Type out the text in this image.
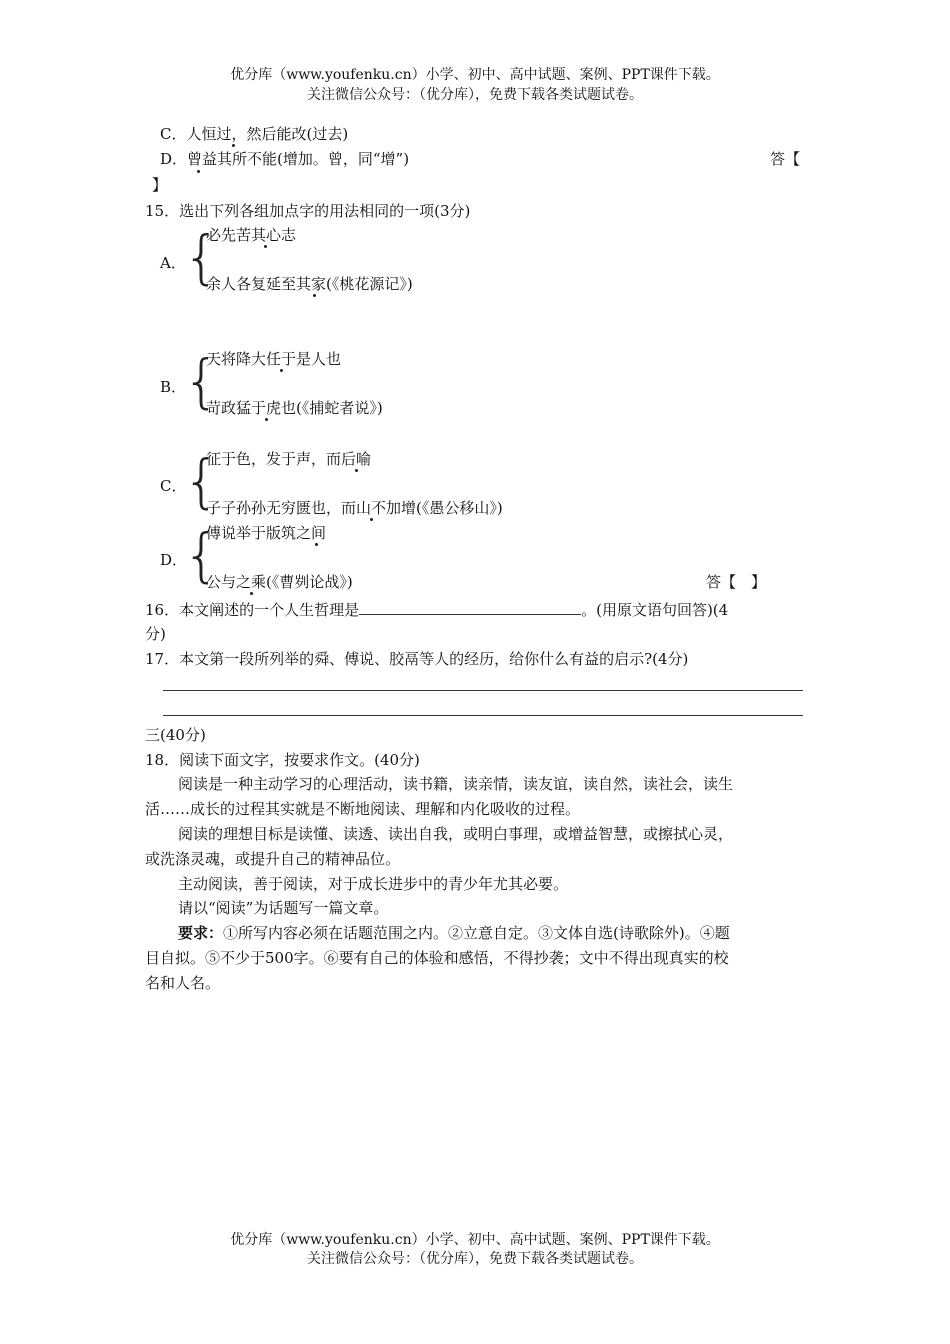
优分库（www.youfenku.cn）小学、初中、高中试题、案例、PPT课件下载。
关注微信公众号：（优分库），免费下载各类试题试卷。
C．人恒过，然后能改(过去)
D．曾益其所不能(增加。曾，同“增”)	答【
】
15．选出下列各组加点字的用法相同的一项(3分)
A．
{
必先苦其心志
余人各复延至其家(《桃花源记》)
B．
{
天将降大任于是人也
苛政猛于虎也(《捕蛇者说》)
C．
{
征于色，发于声，而后喻
子子孙孙无穷匮也，而山不加增(《愚公移山》)
D．
{
傅说举于版筑之间
公与之乘(《曹刿论战》)	答【　】
16．本文阐述的一个人生哲理是	。(用原文语句回答)(4
分)
17．本文第一段所列举的舜、傅说、胶鬲等人的经历，给你什么有益的启示?(4分)
三(40分)
18．阅读下面文字，按要求作文。(40分)
阅读是一种主动学习的心理活动，读书籍，读亲情，读友谊，读自然，读社会，读生
活……成长的过程其实就是不断地阅读、理解和内化吸收的过程。
阅读的理想目标是读懂、读透、读出自我，或明白事理，或增益智慧，或擦拭心灵，
或洗涤灵魂，或提升自己的精神品位。
主动阅读，善于阅读，对于成长进步中的青少年尤其必要。
请以“阅读”为话题写一篇文章。
要求：①所写内容必须在话题范围之内。②立意自定。③文体自选(诗歌除外)。④题
目自拟。⑤不少于500字。⑥要有自己的体验和感悟，不得抄袭；文中不得出现真实的校
名和人名。
优分库（www.youfenku.cn）小学、初中、高中试题、案例、PPT课件下载。
关注微信公众号：（优分库），免费下载各类试题试卷。
